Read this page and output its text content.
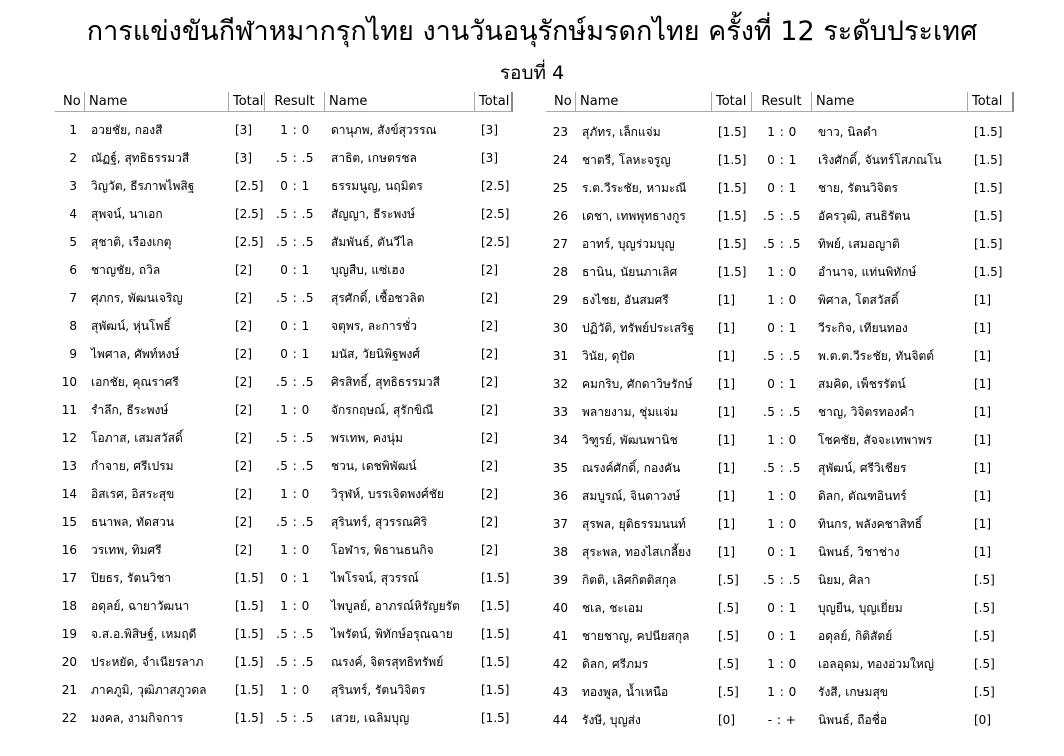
การแข่งขันกีฬาหมากรุกไทย งานวันอนุรักษ์มรดกไทย ครั้งที่ 12 ระดับประเทศ
รอบที่ 4
No Name	Total Result	Name	Total	No Name	Total	Result	Name	Total
1	อวยชัย, กองสี	[3]	1 : 0	ดานุภพ, สังข์สุวรรณ	[3]
2	ณัฏฐ์, สุทธิธรรมวสี	[3]	.5 : .5	สาธิต, เกษตรชล	[3]
3	วิญวัต, ธีรภาพไพสิฐ	[2.5]	0 : 1	ธรรมนูญ, นฤมิตร	[2.5]
4	สุพจน์, นาเอก	[2.5]	.5 : .5	สัญญา, ธีระพงษ์	[2.5]
5	สุชาติ, เรืองเกตุ	[2.5]	.5 : .5	สัมพันธ์, ตันวีไล	[2.5]
6	ชาญชัย, ถวิล	[2]	0 : 1	บุญสืบ, แซ่เฮง	[2]
7	ศุภกร, พัฒนเจริญ	[2]	.5 : .5	สุรศักดิ์, เชื้อชวลิต	[2]
8	สุพัฒน์, หุ่นโพธิ์	[2]	0 : 1	จตุพร, ละการชั่ว	[2]
9	ไพศาล, ศัพท์หงษ์	[2]	0 : 1	มนัส, วัยนิพิฐพงศ์	[2]
10	เอกชัย, คุณราศรี	[2]	.5 : .5	ศิรสิทธิ์, สุทธิธรรมวสี	[2]
11	รำลึก, ธีระพงษ์	[2]	1 : 0	จักรกฤษณ์, สุรักขิณี	[2]
12	โอภาส, เสมสวัสดิ์	[2]	.5 : .5	พรเทพ, คงนุ่ม	[2]
13	กำจาย, ศรีเปรม	[2]	.5 : .5	ชวน, เดชพิพัฒน์	[2]
14	อิสเรศ, อิสระสุข	[2]	1 : 0	วิรุฬห์, บรรเจิดพงศ์ชัย	[2]
15	ธนาพล, ทัดสวน	[2]	.5 : .5	สุรินทร์, สุวรรณศิริ	[2]
16	วรเทพ, ทิมศรี	[2]	1 : 0	โอฬาร, พิธานธนกิจ	[2]
17	ปิยธร, รัตนวิชา	[1.5]	0 : 1	ไพโรจน์, สุวรรณ์	[1.5]
18	อดุลย์, ฉายาวัฒนา	[1.5]	1 : 0	ไพบูลย์, อาภรณ์หิรัญยรัต	[1.5]
19	จ.ส.อ.พิสิษฐ์, เหมฤดี	[1.5]	.5 : .5	ไพรัตน์, พิทักษ์อรุณฉาย	[1.5]
20	ประหยัด, จำเนียรลาภ	[1.5]	.5 : .5	ณรงค์, จิตรสุทธิทรัพย์	[1.5]
21	ภาคภูมิ, วุฒิภาสภูวดล	[1.5]	1 : 0	สุรินทร์, รัตนวิจิตร	[1.5]
22	มงคล, งามกิจการ	[1.5]	.5 : .5	เสวย, เฉลิมบุญ	[1.5]
23	สุภัทร, เล็กแจ่ม	[1.5]	1 : 0	ขาว, นิลดำ	[1.5]
24	ชาตรี, โลหะจรูญ	[1.5]	0 : 1	เริงศักดิ์, จันทร์โสภณโน	[1.5]
25	ร.ต.วีระชัย, หามะณี	[1.5]	0 : 1	ชาย, รัตนวิจิตร	[1.5]
26	เดชา, เทพพุทธางกูร	[1.5]	.5 : .5	อัครวุฒิ, สนธิรัตน	[1.5]
27	อาทร์, บุญร่วมบุญ	[1.5]	.5 : .5	ทิพย์, เสมอญาติ	[1.5]
28	ธานิน, นัยนภาเลิศ	[1.5]	1 : 0	อำนาจ, แท่นพิทักษ์	[1.5]
29	ธงไชย, อันสมศรี	[1]	1 : 0	พิศาล, โตสวัสดิ์	[1]
30	ปฏิวัติ, ทรัพย์ประเสริฐ	[1]	0 : 1	วีระกิจ, เทียนทอง	[1]
31	วินัย, ดุปัด	[1]	.5 : .5	พ.ต.ต.วีระชัย, ทันจิตต์	[1]
32	คมกริบ, ศักดาวิษรักษ์	[1]	0 : 1	สมคิด, เพ็ชรรัตน์	[1]
33	พลายงาม, ชุ่มแจ่ม	[1]	.5 : .5	ชาญ, วิจิตรทองคำ	[1]
34	วิฑูรย์, พัฒนพานิช	[1]	1 : 0	โชคชัย, สัจจะเทพาพร	[1]
35	ณรงค์ศักดิ์, กองคัน	[1]	.5 : .5	สุพัฒน์, ศรีวิเชียร	[1]
36	สมบูรณ์, จินดาวงษ์	[1]	1 : 0	ดิลก, ตัณฑอินทร์	[1]
37	สุรพล, ยุติธรรมนนท์	[1]	1 : 0	ทินกร, พลังคชาสิทธิ์	[1]
38	สุระพล, ทองไสเกลี้ยง	[1]	0 : 1	นิพนธ์, วิชาช่าง	[1]
39	กิตติ, เลิศกิตติสกุล	[.5]	.5 : .5	นิยม, ศิลา	[.5]
40	ชเล, ชะเอม	[.5]	0 : 1	บุญยืน, บุญเยี่ยม	[.5]
41	ชายชาญ, คปนียสกุล	[.5]	0 : 1	อดุลย์, กิติสัตย์	[.5]
42	ดิลก, ศรีภมร	[.5]	1 : 0	เอลอุดม, ทองอ่วมใหญ่	[.5]
43	ทองพูล, น้ำเหนือ	[.5]	1 : 0	รังสี, เกษมสุข	[.5]
44	รังษี, บุญส่ง	[0]	- : +	นิพนธ์, ถือชื่อ	[0]
